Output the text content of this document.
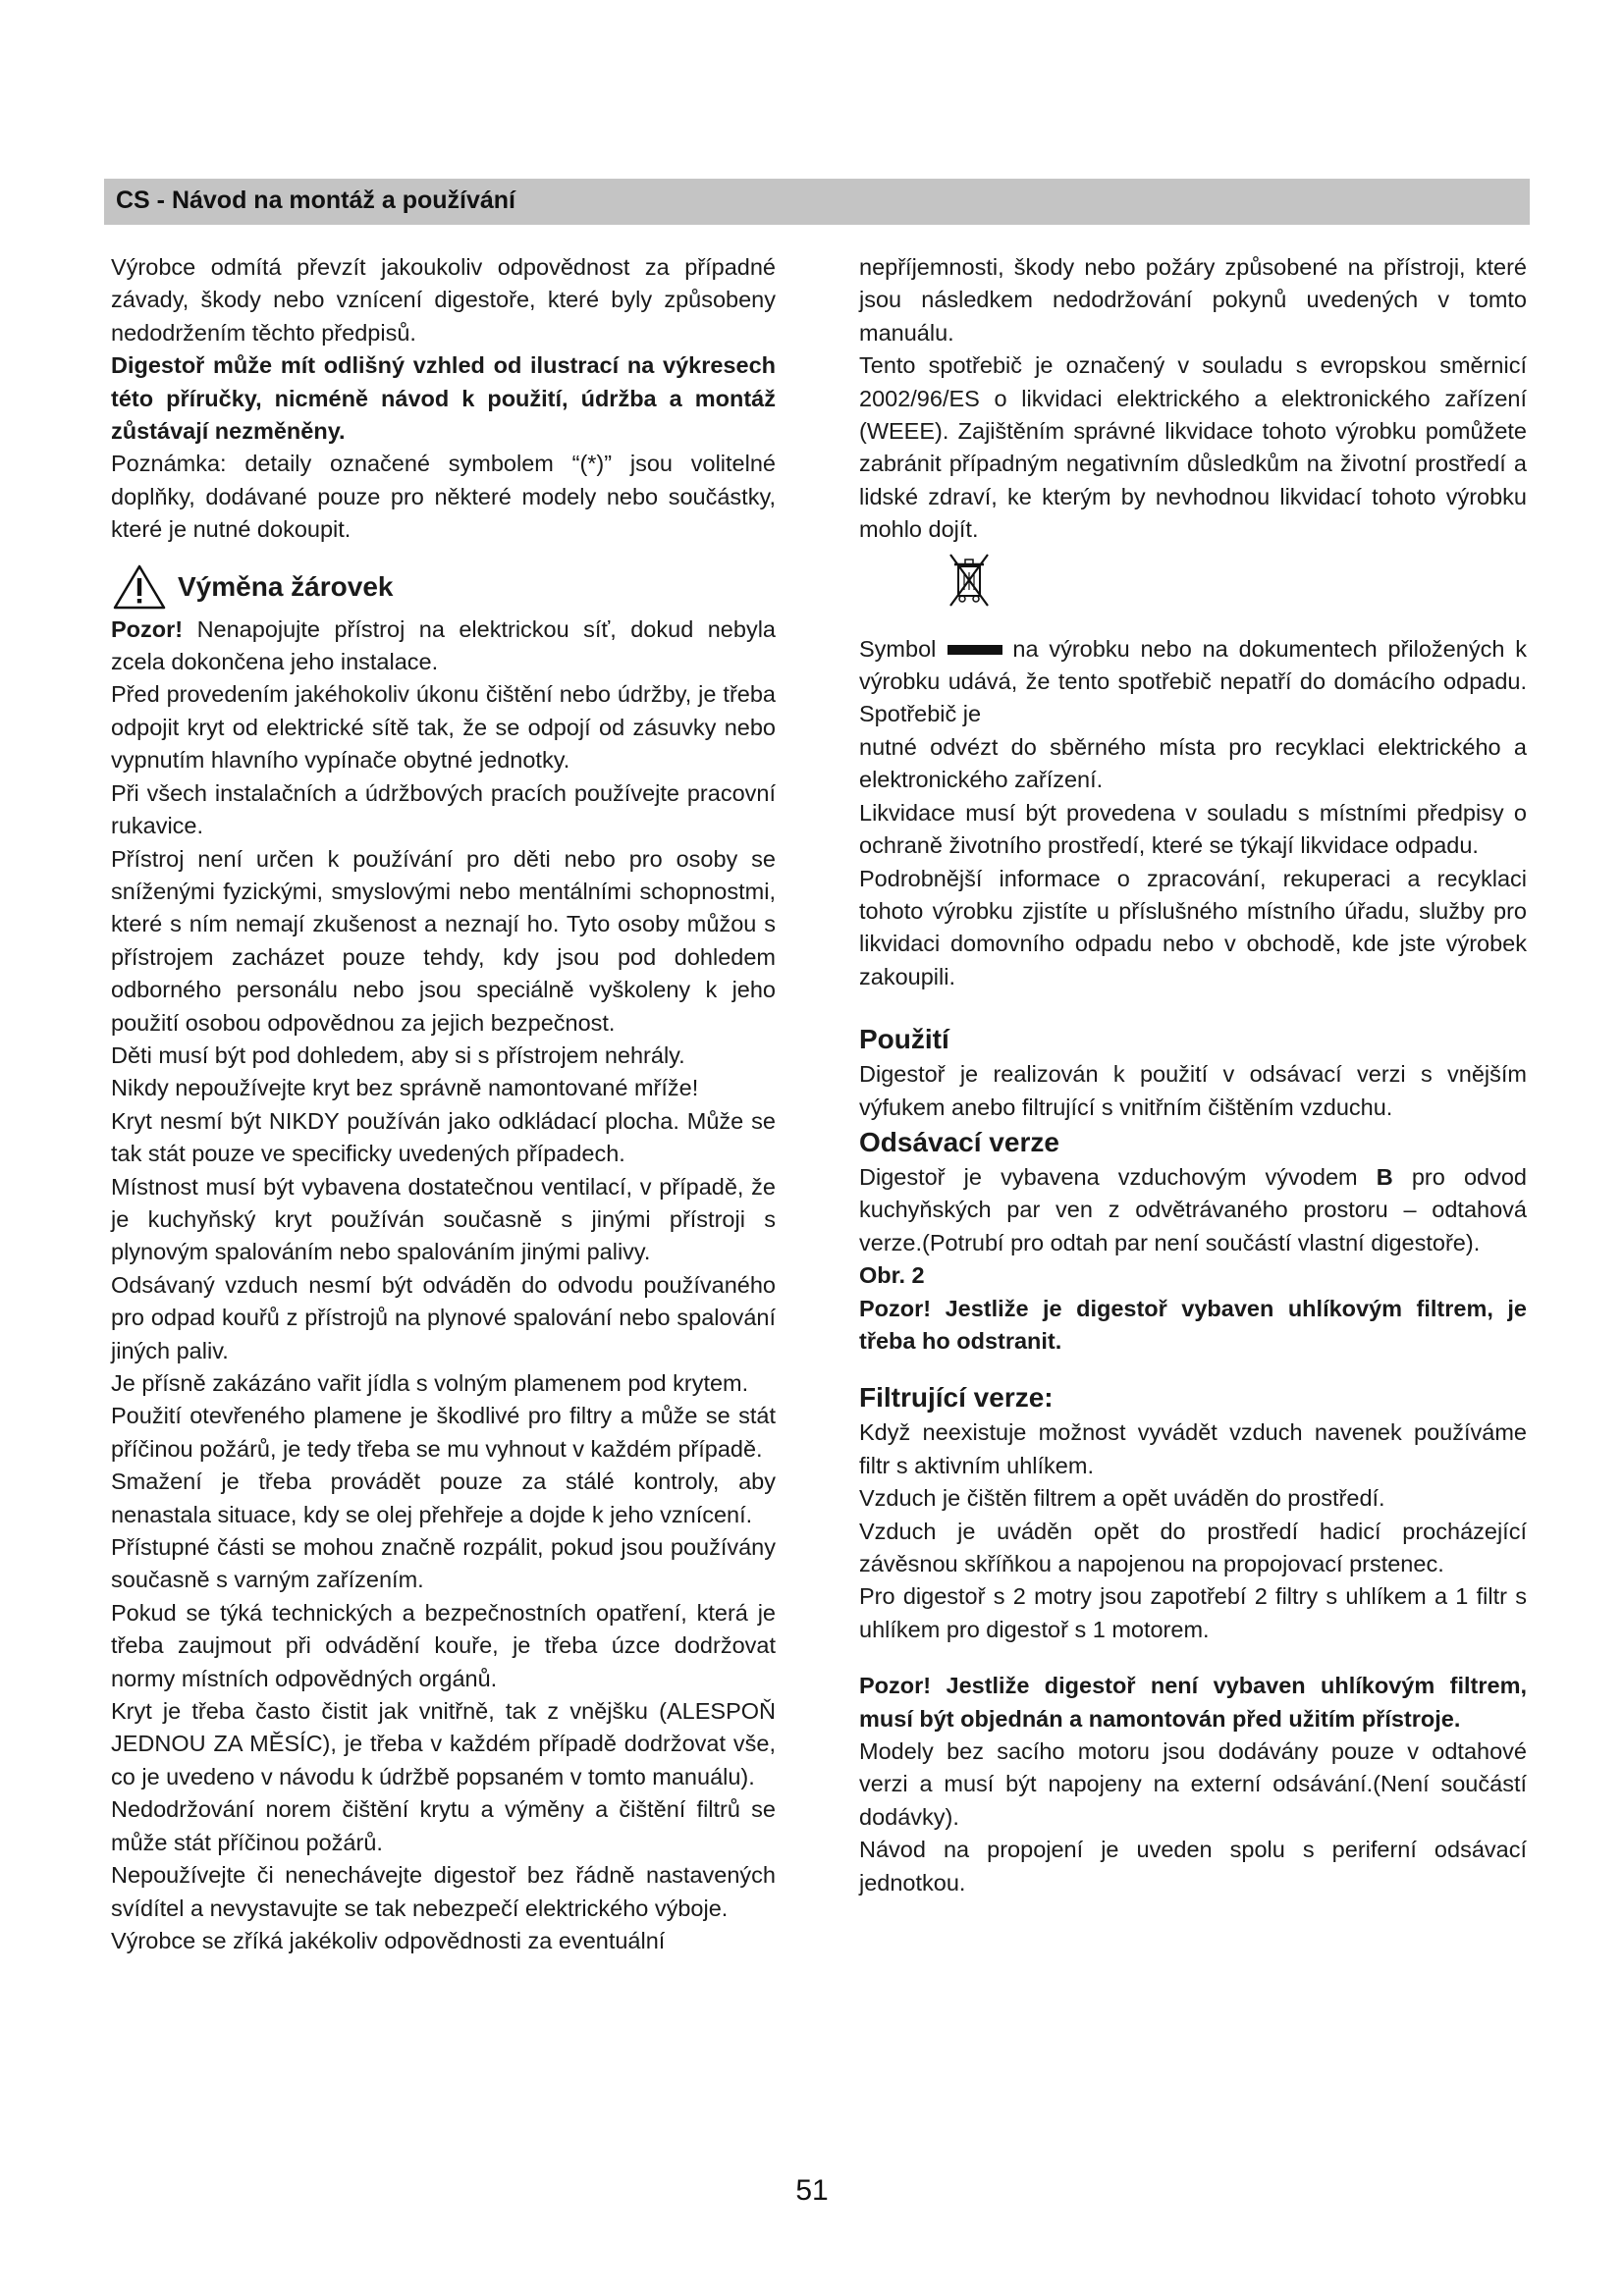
CS - Návod na montáž a používání

Výrobce odmítá převzít jakoukoliv odpovědnost za případné závady, škody nebo vznícení digestoře, které byly způsobeny nedodržením těchto předpisů.

Digestoř může mít odlišný vzhled od ilustrací na výkresech této příručky, nicméně návod k použití, údržba a montáž zůstávají nezměněny.

Poznámka: detaily označené symbolem “(*)” jsou volitelné doplňky, dodávané pouze pro některé modely nebo součástky, které je nutné dokoupit.

Výměna žárovek

Pozor! Nenapojujte přístroj na elektrickou síť, dokud nebyla zcela dokončena jeho instalace.

Před provedením jakéhokoliv úkonu čištění nebo údržby, je třeba odpojit kryt od elektrické sítě tak, že se odpojí od zásuvky nebo vypnutím hlavního vypínače obytné jednotky.

Při všech instalačních a údržbových pracích používejte pracovní rukavice.

Přístroj není určen k používání pro děti nebo pro osoby se sníženými fyzickými, smyslovými nebo mentálními schopnostmi, které s ním nemají zkušenost a neznají ho. Tyto osoby můžou s přístrojem zacházet pouze tehdy, kdy jsou pod dohledem odborného personálu nebo jsou speciálně vyškoleny k jeho použití osobou odpovědnou za jejich bezpečnost.

Děti musí být pod dohledem, aby si s přístrojem nehrály.

Nikdy nepoužívejte kryt bez správně namontované mříže!

Kryt nesmí být NIKDY používán jako odkládací plocha. Může se tak stát pouze ve specificky uvedených případech.

Místnost musí být vybavena dostatečnou ventilací, v případě, že je kuchyňský kryt používán současně s jinými přístroji s plynovým spalováním nebo spalováním jinými palivy.

Odsávaný vzduch nesmí být odváděn do odvodu používaného pro odpad kouřů z přístrojů na plynové spalování nebo spalování jiných paliv.

Je přísně zakázáno vařit jídla s volným plamenem pod krytem.

Použití otevřeného plamene je škodlivé pro filtry a může se stát příčinou požárů, je tedy třeba se mu vyhnout v každém případě.

Smažení je třeba provádět pouze za stálé kontroly, aby nenastala situace, kdy se olej přehřeje a dojde k jeho vznícení.

Přístupné části se mohou značně rozpálit, pokud jsou používány současně s varným zařízením.

Pokud se týká technických a bezpečnostních opatření, která je třeba zaujmout při odvádění kouře, je třeba úzce dodržovat normy místních odpovědných orgánů.

Kryt je třeba často čistit jak vnitřně, tak z vnějšku (ALESPOŇ JEDNOU ZA MĚSÍC), je třeba v každém případě dodržovat vše, co je uvedeno v návodu k údržbě popsaném v tomto manuálu).

Nedodržování norem čištění krytu a výměny a čištění filtrů se může stát příčinou požárů.

Nepoužívejte či nenechávejte digestoř bez řádně nastavených svídítel a nevystavujte se tak nebezpečí elektrického výboje.

Výrobce se zříká jakékoliv odpovědnosti za eventuální

nepříjemnosti, škody nebo požáry způsobené na přístroji, které jsou následkem nedodržování pokynů uvedených v tomto manuálu.

Tento spotřebič je označený v souladu s evropskou směrnicí 2002/96/ES o likvidaci elektrického a elektronického zařízení (WEEE). Zajištěním správné likvidace tohoto výrobku pomůžete zabránit případným negativním důsledkům na životní prostředí a lidské zdraví, ke kterým by nevhodnou likvidací tohoto výrobku mohlo dojít.

Symbol	na výrobku nebo na dokumentech přiložených k výrobku udává, že tento spotřebič nepatří do domácího odpadu. Spotřebič je

nutné odvézt do sběrného místa pro recyklaci elektrického a elektronického zařízení.

Likvidace musí být provedena v souladu s místními předpisy o ochraně životního prostředí, které se týkají likvidace odpadu.

Podrobnější informace o zpracování, rekuperaci a recyklaci tohoto výrobku zjistíte u příslušného místního úřadu, služby pro likvidaci domovního odpadu nebo v obchodě, kde jste výrobek zakoupili.

Použití

Digestoř je realizován k použití v odsávací verzi s vnějším výfukem anebo filtrující s vnitřním čištěním vzduchu.

Odsávací verze

Digestoř je vybavena vzduchovým vývodem B pro odvod kuchyňských par ven z odvětrávaného prostoru – odtahová verze.(Potrubí pro odtah par není součástí vlastní digestoře).

Obr. 2

Pozor! Jestliže je digestoř vybaven uhlíkovým filtrem, je třeba ho odstranit.

Filtrující verze:

Když neexistuje možnost vyvádět vzduch navenek používáme filtr s aktivním uhlíkem.

Vzduch je čištěn filtrem a opět uváděn do prostředí.

Vzduch je uváděn opět do prostředí hadicí procházející závěsnou skříňkou a napojenou na propojovací prstenec.

Pro digestoř s 2 motry jsou zapotřebí 2 filtry s uhlíkem a 1 filtr s uhlíkem pro digestoř s 1 motorem.

Pozor! Jestliže digestoř není vybaven uhlíkovým filtrem, musí být objednán a namontován před užitím přístroje.

Modely bez sacího motoru jsou dodávány pouze v odtahové verzi a musí být napojeny na externí odsávání.(Není součástí dodávky).

Návod na propojení je uveden spolu s periferní odsávací jednotkou.

51
